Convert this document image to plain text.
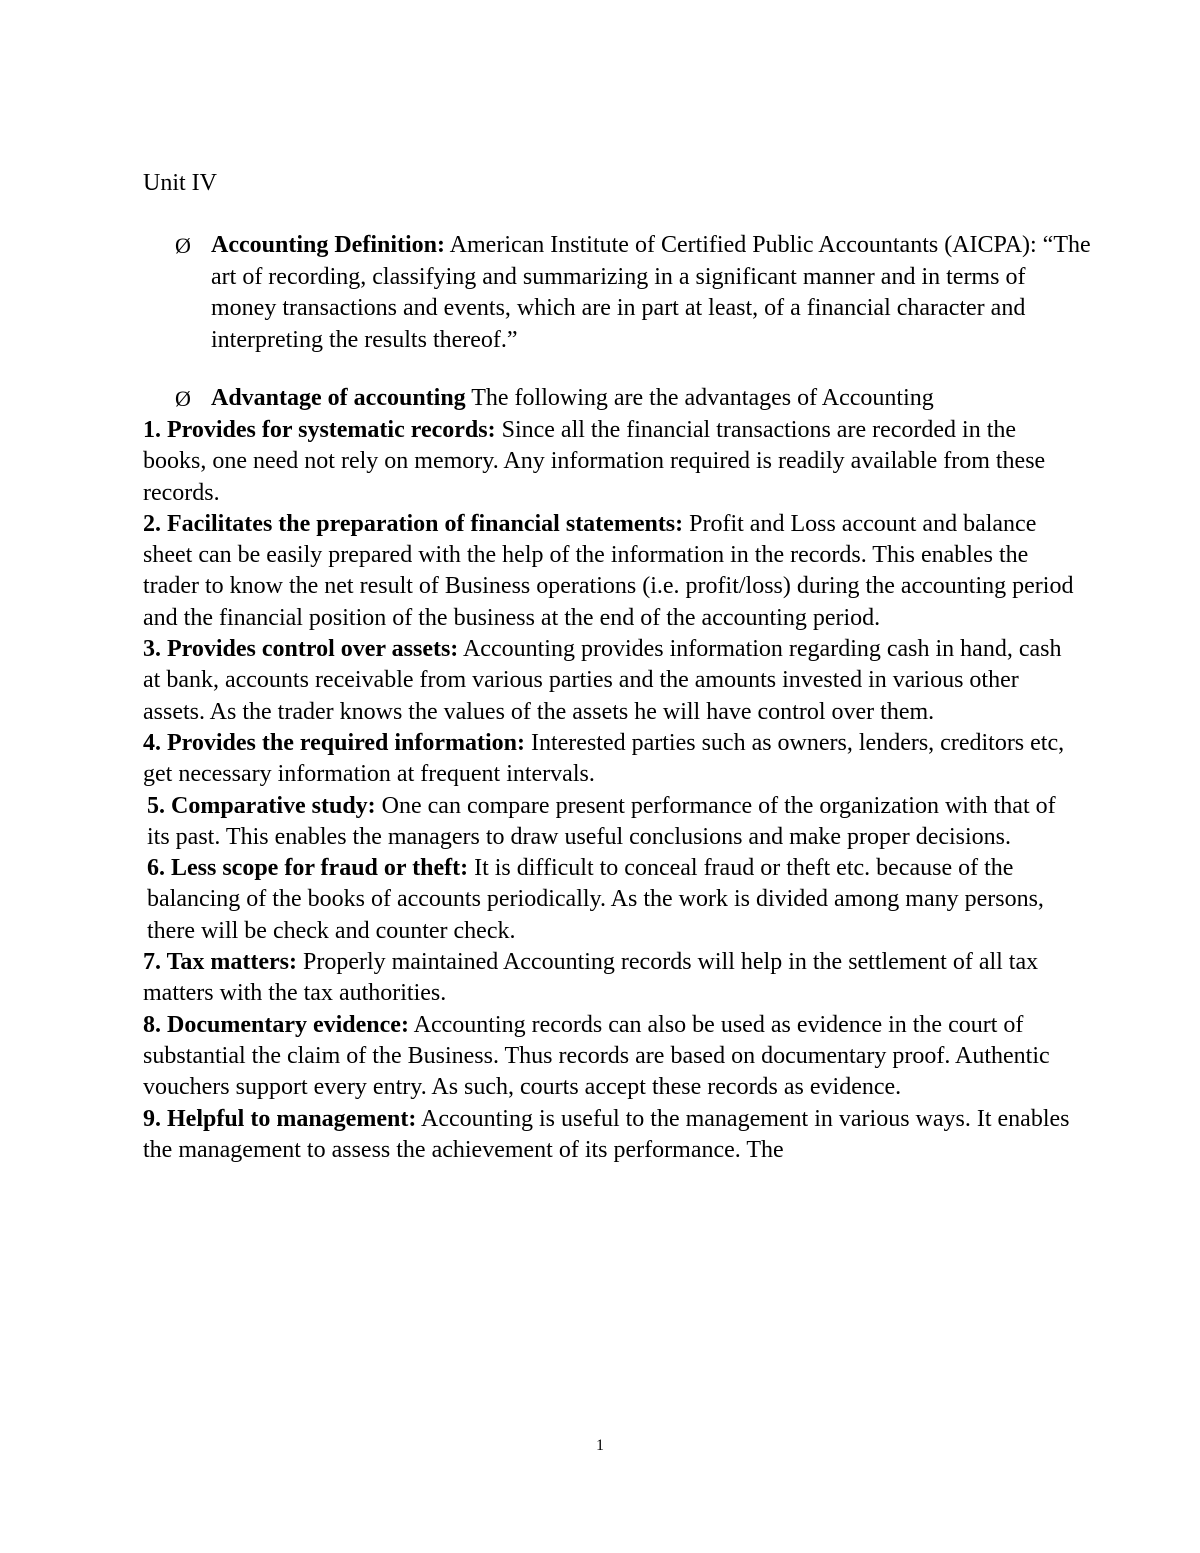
Unit IV
Ø Accounting Definition: American Institute of Certified Public Accountants (AICPA): “The art of recording, classifying and summarizing in a significant manner and in terms of money transactions and events, which are in part at least, of a financial character and interpreting the results thereof.”
Ø Advantage of accounting The following are the advantages of Accounting

1. Provides for systematic records: Since all the financial transactions are recorded in the books, one need not rely on memory. Any information required is readily available from these records.

2. Facilitates the preparation of financial statements: Profit and Loss account and balance sheet can be easily prepared with the help of the information in the records. This enables the trader to know the net result of Business operations (i.e. profit/loss) during the accounting period and the financial position of the business at the end of the accounting period.

3. Provides control over assets: Accounting provides information regarding cash in hand, cash at bank, accounts receivable from various parties and the amounts invested in various other assets. As the trader knows the values of the assets he will have control over them.

4. Provides the required information: Interested parties such as owners, lenders, creditors etc, get necessary information at frequent intervals.

5. Comparative study: One can compare present performance of the organization with that of its past. This enables the managers to draw useful conclusions and make proper decisions.

6. Less scope for fraud or theft: It is difficult to conceal fraud or theft etc. because of the balancing of the books of accounts periodically. As the work is divided among many persons, there will be check and counter check.

7. Tax matters: Properly maintained Accounting records will help in the settlement of all tax matters with the tax authorities.

8. Documentary evidence: Accounting records can also be used as evidence in the court of substantial the claim of the Business. Thus records are based on documentary proof. Authentic vouchers support every entry. As such, courts accept these records as evidence.

9. Helpful to management: Accounting is useful to the management in various ways. It enables the management to assess the achievement of its performance. The

1
